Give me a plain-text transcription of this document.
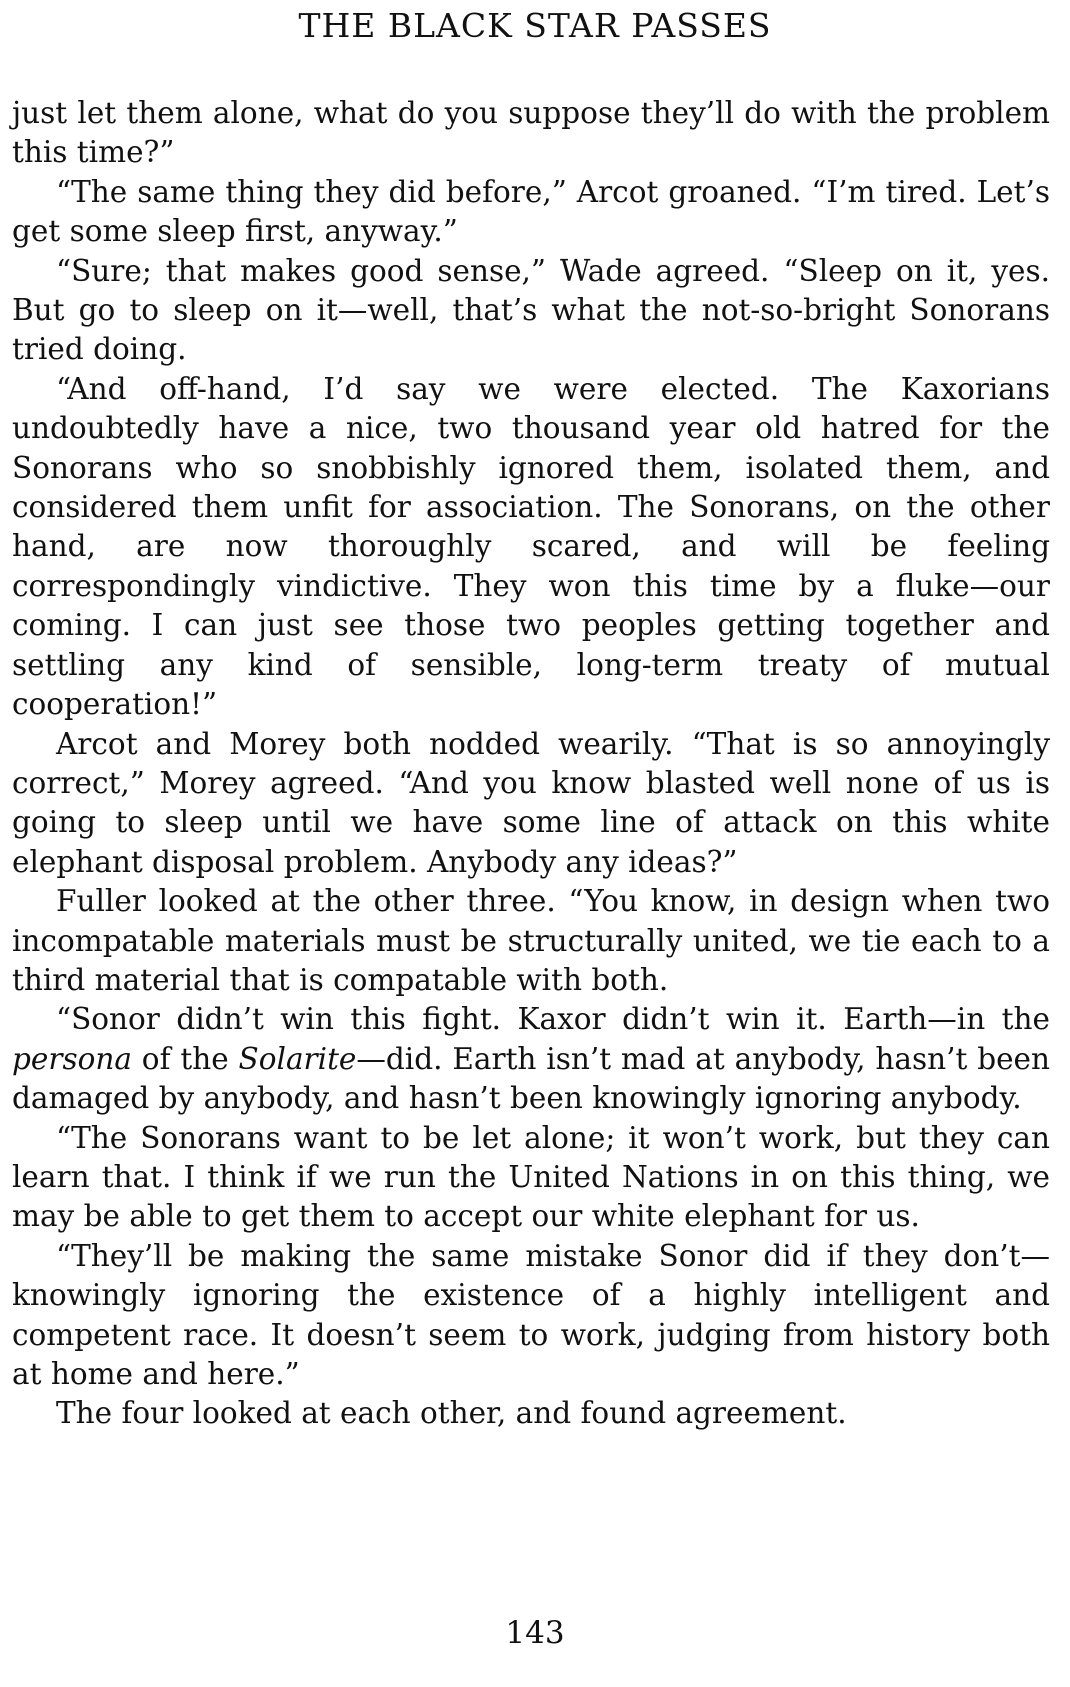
THE BLACK STAR PASSES

just let them alone, what do you suppose they’ll do with the problem this time?”

“The same thing they did before,” Arcot groaned. “I’m tired. Let’s get some sleep first, anyway.”

“Sure; that makes good sense,” Wade agreed. “Sleep on it, yes. But go to sleep on it—well, that’s what the not-so-bright Sonorans tried doing.

“And off-hand, I’d say we were elected. The Kaxorians undoubtedly have a nice, two thousand year old hatred for the Sonorans who so snobbishly ignored them, isolated them, and considered them unfit for association. The Sonorans, on the other hand, are now thoroughly scared, and will be feeling correspondingly vindictive. They won this time by a fluke—our coming. I can just see those two peoples getting together and settling any kind of sensible, long-term treaty of mutual cooperation!”

Arcot and Morey both nodded wearily. “That is so annoyingly correct,” Morey agreed. “And you know blasted well none of us is going to sleep until we have some line of attack on this white elephant disposal problem. Anybody any ideas?”

Fuller looked at the other three. “You know, in design when two incompatable materials must be structurally united, we tie each to a third material that is compatable with both.

“Sonor didn’t win this fight. Kaxor didn’t win it. Earth—in the persona of the Solarite—did. Earth isn’t mad at anybody, hasn’t been damaged by anybody, and hasn’t been knowingly ignoring anybody.

“The Sonorans want to be let alone; it won’t work, but they can learn that. I think if we run the United Nations in on this thing, we may be able to get them to accept our white elephant for us.

“They’ll be making the same mistake Sonor did if they don’t—knowingly ignoring the existence of a highly intelligent and competent race. It doesn’t seem to work, judging from history both at home and here.”

The four looked at each other, and found agreement.

143
